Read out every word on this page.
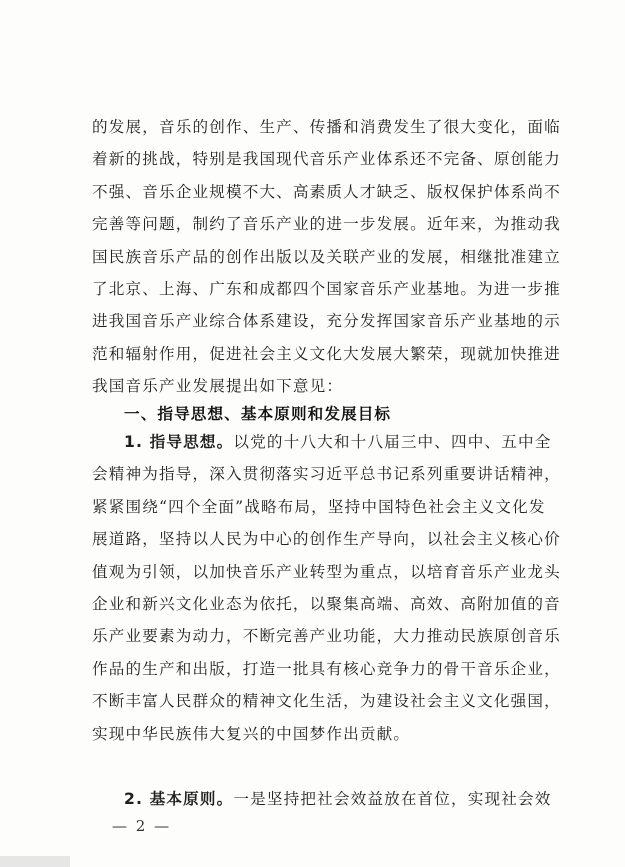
的发展，音乐的创作、生产、传播和消费发生了很大变化，面临
着新的挑战，特别是我国现代音乐产业体系还不完备、原创能力
不强、音乐企业规模不大、高素质人才缺乏、版权保护体系尚不
完善等问题，制约了音乐产业的进一步发展。近年来，为推动我
国民族音乐产品的创作出版以及关联产业的发展，相继批准建立
了北京、上海、广东和成都四个国家音乐产业基地。为进一步推
进我国音乐产业综合体系建设，充分发挥国家音乐产业基地的示
范和辐射作用，促进社会主义文化大发展大繁荣，现就加快推进
我国音乐产业发展提出如下意见：
一、指导思想、基本原则和发展目标
1. 指导思想。以党的十八大和十八届三中、四中、五中全
会精神为指导，深入贯彻落实习近平总书记系列重要讲话精神，
紧紧围绕“四个全面”战略布局，坚持中国特色社会主义文化发
展道路，坚持以人民为中心的创作生产导向，以社会主义核心价
值观为引领，以加快音乐产业转型为重点，以培育音乐产业龙头
企业和新兴文化业态为依托，以聚集高端、高效、高附加值的音
乐产业要素为动力，不断完善产业功能，大力推动民族原创音乐
作品的生产和出版，打造一批具有核心竞争力的骨干音乐企业，
不断丰富人民群众的精神文化生活，为建设社会主义文化强国，
实现中华民族伟大复兴的中国梦作出贡献。
2. 基本原则。一是坚持把社会效益放在首位，实现社会效
— 2 —
